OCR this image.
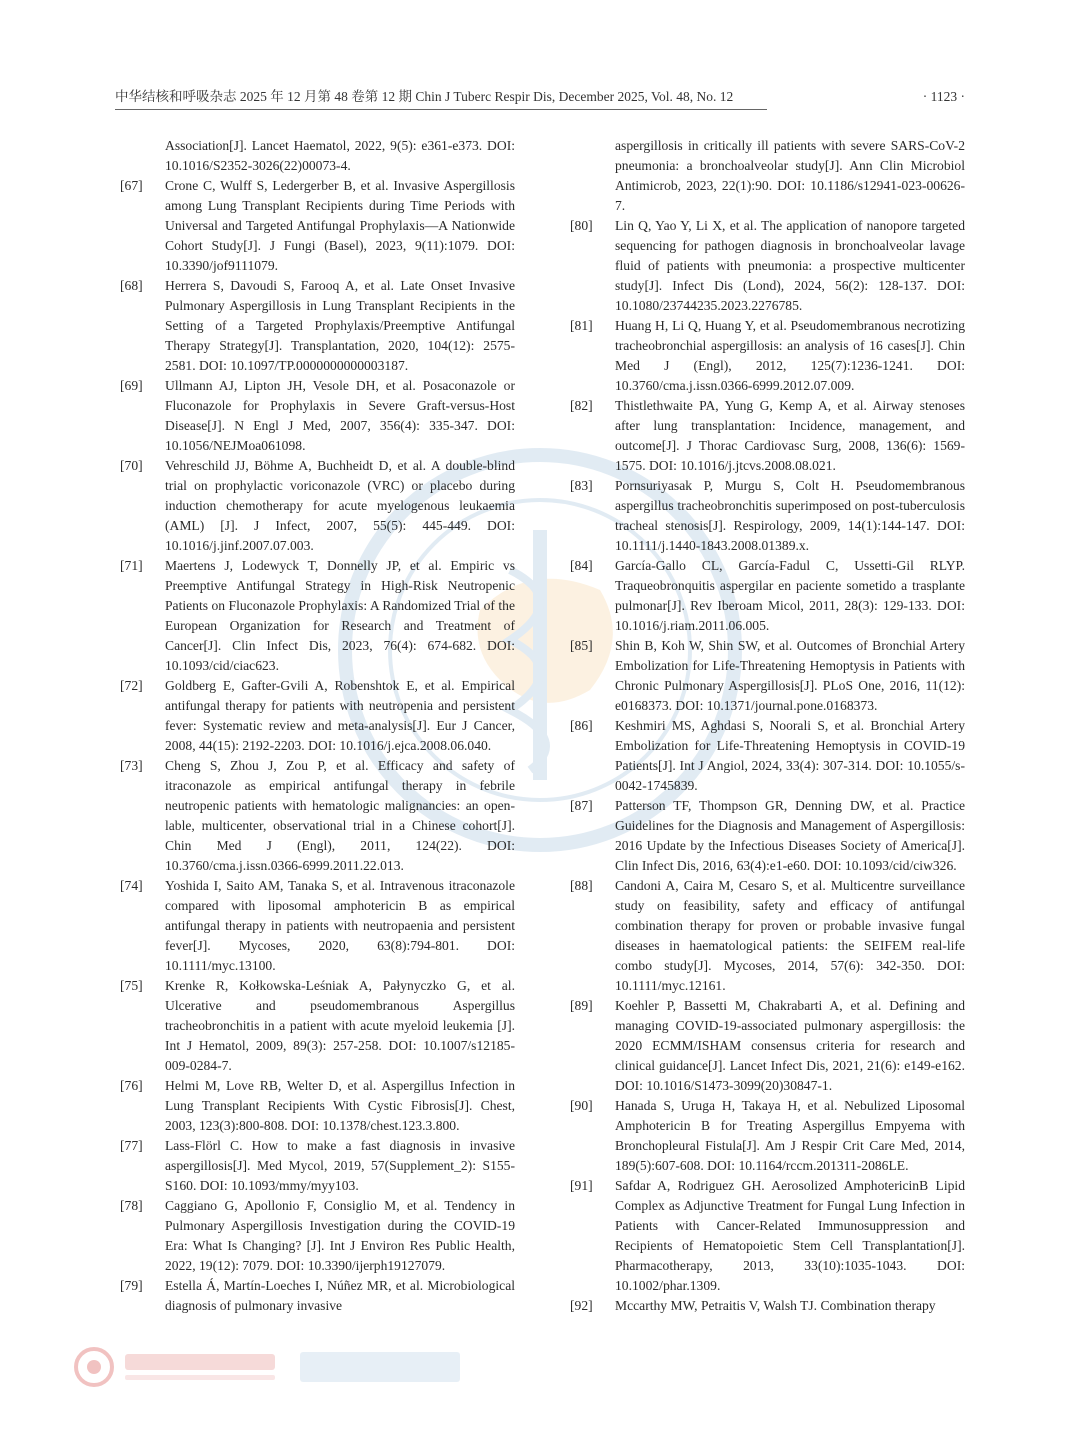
中华结核和呼吸杂志 2025 年 12 月第 48 卷第 12 期 Chin J Tuberc Respir Dis, December 2025, Vol. 48, No. 12	· 1123 ·
Association[J]. Lancet Haematol, 2022, 9(5): e361-e373. DOI: 10.1016/S2352-3026(22)00073-4.
[67] Crone C, Wulff S, Ledergerber B, et al. Invasive Aspergillosis among Lung Transplant Recipients during Time Periods with Universal and Targeted Antifungal Prophylaxis—A Nationwide Cohort Study[J]. J Fungi (Basel), 2023, 9(11):1079. DOI: 10.3390/jof9111079.
[68] Herrera S, Davoudi S, Farooq A, et al. Late Onset Invasive Pulmonary Aspergillosis in Lung Transplant Recipients in the Setting of a Targeted Prophylaxis/Preemptive Antifungal Therapy Strategy[J]. Transplantation, 2020, 104(12): 2575-2581. DOI: 10.1097/TP.0000000000003187.
[69] Ullmann AJ, Lipton JH, Vesole DH, et al. Posaconazole or Fluconazole for Prophylaxis in Severe Graft-versus-Host Disease[J]. N Engl J Med, 2007, 356(4): 335-347. DOI: 10.1056/NEJMoa061098.
[70] Vehreschild JJ, Böhme A, Buchheidt D, et al. A double-blind trial on prophylactic voriconazole (VRC) or placebo during induction chemotherapy for acute myelogenous leukaemia (AML) [J]. J Infect, 2007, 55(5): 445-449. DOI: 10.1016/j.jinf.2007.07.003.
[71] Maertens J, Lodewyck T, Donnelly JP, et al. Empiric vs Preemptive Antifungal Strategy in High-Risk Neutropenic Patients on Fluconazole Prophylaxis: A Randomized Trial of the European Organization for Research and Treatment of Cancer[J]. Clin Infect Dis, 2023, 76(4): 674-682. DOI: 10.1093/cid/ciac623.
[72] Goldberg E, Gafter-Gvili A, Robenshtok E, et al. Empirical antifungal therapy for patients with neutropenia and persistent fever: Systematic review and meta-analysis[J]. Eur J Cancer, 2008, 44(15): 2192-2203. DOI: 10.1016/j.ejca.2008.06.040.
[73] Cheng S, Zhou J, Zou P, et al. Efficacy and safety of itraconazole as empirical antifungal therapy in febrile neutropenic patients with hematologic malignancies: an open-lable, multicenter, observational trial in a Chinese cohort[J]. Chin Med J (Engl), 2011, 124(22). DOI: 10.3760/cma.j.issn.0366-6999.2011.22.013.
[74] Yoshida I, Saito AM, Tanaka S, et al. Intravenous itraconazole compared with liposomal amphotericin B as empirical antifungal therapy in patients with neutropaenia and persistent fever[J]. Mycoses, 2020, 63(8):794-801. DOI: 10.1111/myc.13100.
[75] Krenke R, Kołkowska-Leśniak A, Pałynyczko G, et al. Ulcerative and pseudomembranous Aspergillus tracheobronchitis in a patient with acute myeloid leukemia [J]. Int J Hematol, 2009, 89(3): 257-258. DOI: 10.1007/s12185-009-0284-7.
[76] Helmi M, Love RB, Welter D, et al. Aspergillus Infection in Lung Transplant Recipients With Cystic Fibrosis[J]. Chest, 2003, 123(3):800-808. DOI: 10.1378/chest.123.3.800.
[77] Lass-Flörl C. How to make a fast diagnosis in invasive aspergillosis[J]. Med Mycol, 2019, 57(Supplement_2): S155-S160. DOI: 10.1093/mmy/myy103.
[78] Caggiano G, Apollonio F, Consiglio M, et al. Tendency in Pulmonary Aspergillosis Investigation during the COVID-19 Era: What Is Changing? [J]. Int J Environ Res Public Health, 2022, 19(12): 7079. DOI: 10.3390/ijerph19127079.
[79] Estella Á, Martín-Loeches I, Núñez MR, et al. Microbiological diagnosis of pulmonary invasive
aspergillosis in critically ill patients with severe SARS-CoV-2 pneumonia: a bronchoalveolar study[J]. Ann Clin Microbiol Antimicrob, 2023, 22(1):90. DOI: 10.1186/s12941-023-00626-7.
[80] Lin Q, Yao Y, Li X, et al. The application of nanopore targeted sequencing for pathogen diagnosis in bronchoalveolar lavage fluid of patients with pneumonia: a prospective multicenter study[J]. Infect Dis (Lond), 2024, 56(2): 128-137. DOI: 10.1080/23744235.2023.2276785.
[81] Huang H, Li Q, Huang Y, et al. Pseudomembranous necrotizing tracheobronchial aspergillosis: an analysis of 16 cases[J]. Chin Med J (Engl), 2012, 125(7):1236-1241. DOI: 10.3760/cma.j.issn.0366-6999.2012.07.009.
[82] Thistlethwaite PA, Yung G, Kemp A, et al. Airway stenoses after lung transplantation: Incidence, management, and outcome[J]. J Thorac Cardiovasc Surg, 2008, 136(6): 1569-1575. DOI: 10.1016/j.jtcvs.2008.08.021.
[83] Pornsuriyasak P, Murgu S, Colt H. Pseudomembranous aspergillus tracheobronchitis superimposed on post-tuberculosis tracheal stenosis[J]. Respirology, 2009, 14(1):144-147. DOI: 10.1111/j.1440-1843.2008.01389.x.
[84] García-Gallo CL, García-Fadul C, Ussetti-Gil RLYP. Traqueobronquitis aspergilar en paciente sometido a trasplante pulmonar[J]. Rev Iberoam Micol, 2011, 28(3): 129-133. DOI: 10.1016/j.riam.2011.06.005.
[85] Shin B, Koh W, Shin SW, et al. Outcomes of Bronchial Artery Embolization for Life-Threatening Hemoptysis in Patients with Chronic Pulmonary Aspergillosis[J]. PLoS One, 2016, 11(12): e0168373. DOI: 10.1371/journal.pone.0168373.
[86] Keshmiri MS, Aghdasi S, Noorali S, et al. Bronchial Artery Embolization for Life-Threatening Hemoptysis in COVID-19 Patients[J]. Int J Angiol, 2024, 33(4): 307-314. DOI: 10.1055/s-0042-1745839.
[87] Patterson TF, Thompson GR, Denning DW, et al. Practice Guidelines for the Diagnosis and Management of Aspergillosis: 2016 Update by the Infectious Diseases Society of America[J]. Clin Infect Dis, 2016, 63(4):e1-e60. DOI: 10.1093/cid/ciw326.
[88] Candoni A, Caira M, Cesaro S, et al. Multicentre surveillance study on feasibility, safety and efficacy of antifungal combination therapy for proven or probable invasive fungal diseases in haematological patients: the SEIFEM real-life combo study[J]. Mycoses, 2014, 57(6): 342-350. DOI: 10.1111/myc.12161.
[89] Koehler P, Bassetti M, Chakrabarti A, et al. Defining and managing COVID-19-associated pulmonary aspergillosis: the 2020 ECMM/ISHAM consensus criteria for research and clinical guidance[J]. Lancet Infect Dis, 2021, 21(6): e149-e162. DOI: 10.1016/S1473-3099(20)30847-1.
[90] Hanada S, Uruga H, Takaya H, et al. Nebulized Liposomal Amphotericin B for Treating Aspergillus Empyema with Bronchopleural Fistula[J]. Am J Respir Crit Care Med, 2014, 189(5):607-608. DOI: 10.1164/rccm.201311-2086LE.
[91] Safdar A, Rodriguez GH. Aerosolized AmphotericinB Lipid Complex as Adjunctive Treatment for Fungal Lung Infection in Patients with Cancer-Related Immunosuppression and Recipients of Hematopoietic Stem Cell Transplantation[J]. Pharmacotherapy, 2013, 33(10):1035-1043. DOI: 10.1002/phar.1309.
[92] Mccarthy MW, Petraitis V, Walsh TJ. Combination therapy
